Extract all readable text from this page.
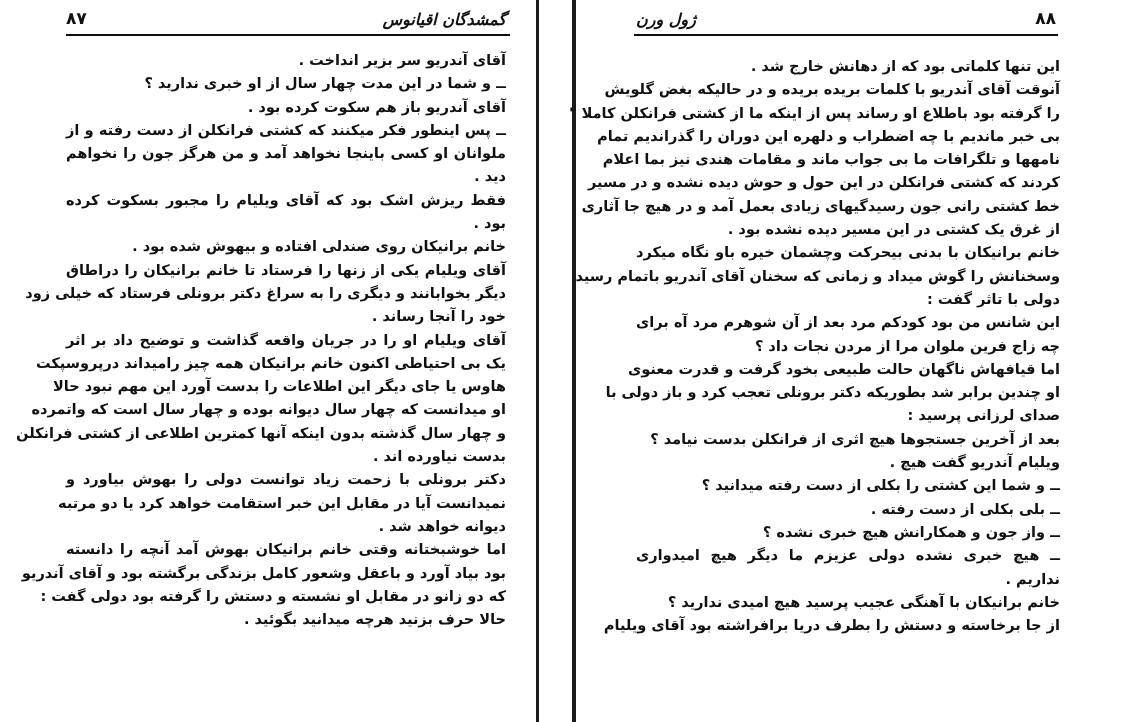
۸۷	گمشدگان اقیانوس
آقای آندریو سر بزیر انداخت .
ــ و شما در این مدت چهار سال از او خبری ندارید ؟
آقای آندریو باز هم سکوت کرده بود .
ــ پس اینطور فکر میکنند که کشتی فرانکلن از دست رفته و از
ملوانان او کسی باینجا نخواهد آمد و من هرگز جون را نخواهم
دید .
فقط ریزش اشک بود که آقای ویلیام را مجبور بسکوت کرده
بود .
خانم برانیکان روی صندلی افتاده و بیهوش شده بود .
آقای ویلیام یکی از زنها را فرستاد تا خانم برانیکان را دراطاق
دیگر بخوابانند و دیگری را به سراغ دکتر برونلی فرستاد که خیلی زود
خود را آنجا رساند .
آقای ویلیام او را در جریان واقعه گذاشت و توضیح داد بر اثر
یک بی احتیاطی اکنون خانم برانیکان همه چیز رامیداند درپروسپکت
هاوس یا جای دیگر این اطلاعات را بدست آورد این مهم نبود حالا
او میدانست که چهار سال دیوانه بوده و چهار سال است که واتمرده
و چهار سال گذشته بدون اینکه آنها کمترین اطلاعی از کشتی فرانکلن
بدست نیاورده اند .
دکتر برونلی با زحمت زیاد توانست دولی را بهوش بیاورد و
نمیدانست آیا در مقابل این خبر استقامت خواهد کرد یا دو مرتبه
دیوانه خواهد شد .
اما خوشبختانه وقتی خانم برانیکان بهوش آمد آنچه را دانسته
بود بیاد آورد و باعقل وشعور کامل بزندگی برگشته بود و آقای آندریو
که دو زانو در مقابل او نشسته و دستش را گرفته بود دولی گفت :
حالا حرف بزنید هرچه میدانید بگوئید .
ژول ورن	۸۸
این تنها کلماتی بود که از دهانش خارج شد .
آنوقت آقای آندریو با کلمات بریده بریده و در حالیکه بغض گلویش
را گرفته بود باطلاع او رساند پس از اینکه ما از کشتی فرانکلن کاملا "
بی خبر ماندیم با چه اضطراب و دلهره این دوران را گذراندیم تمام
نامهها و تلگرافات ما بی جواب ماند و مقامات هندی نیز بما اعلام
کردند که کشتی فرانکلن در این حول و حوش دیده نشده و در مسیر
خط کشتی رانی جون رسیدگیهای زیادی بعمل آمد و در هیچ جا آثاری
از غرق یک کشتی در این مسیر دیده نشده بود .
خانم برانیکان با بدنی بیحرکت وچشمان خیره باو نگاه میکرد
وسخنانش را گوش میداد و زمانی که سخنان آقای آندریو باتمام رسید
دولی با تاثر گفت :
این شانس من بود کودکم مرد بعد از آن شوهرم مرد آه برای
چه زاج فرین ملوان مرا از مردن نجات داد ؟
اما قیافهاش ناگهان حالت طبیعی بخود گرفت و قدرت معنوی
او چندین برابر شد بطوریکه دکتر برونلی تعجب کرد و باز دولی با
صدای لرزانی پرسید :
بعد از آخرین جستجوها هیچ اثری از فرانکلن بدست نیامد ؟
ویلیام آندریو گفت هیچ .
ــ و شما این کشتی را بکلی از دست رفته میدانید ؟
ــ بلی بکلی از دست رفته .
ــ واز جون و همکارانش هیچ خبری نشده ؟
ــ هیچ خبری نشده دولی عزیزم ما دیگر هیچ امیدواری
نداریم .
خانم برانیکان با آهنگی عجیب پرسید هیچ امیدی ندارید ؟
از جا برخاسته و دستش را بطرف دریا برافراشته بود آقای ویلیام
